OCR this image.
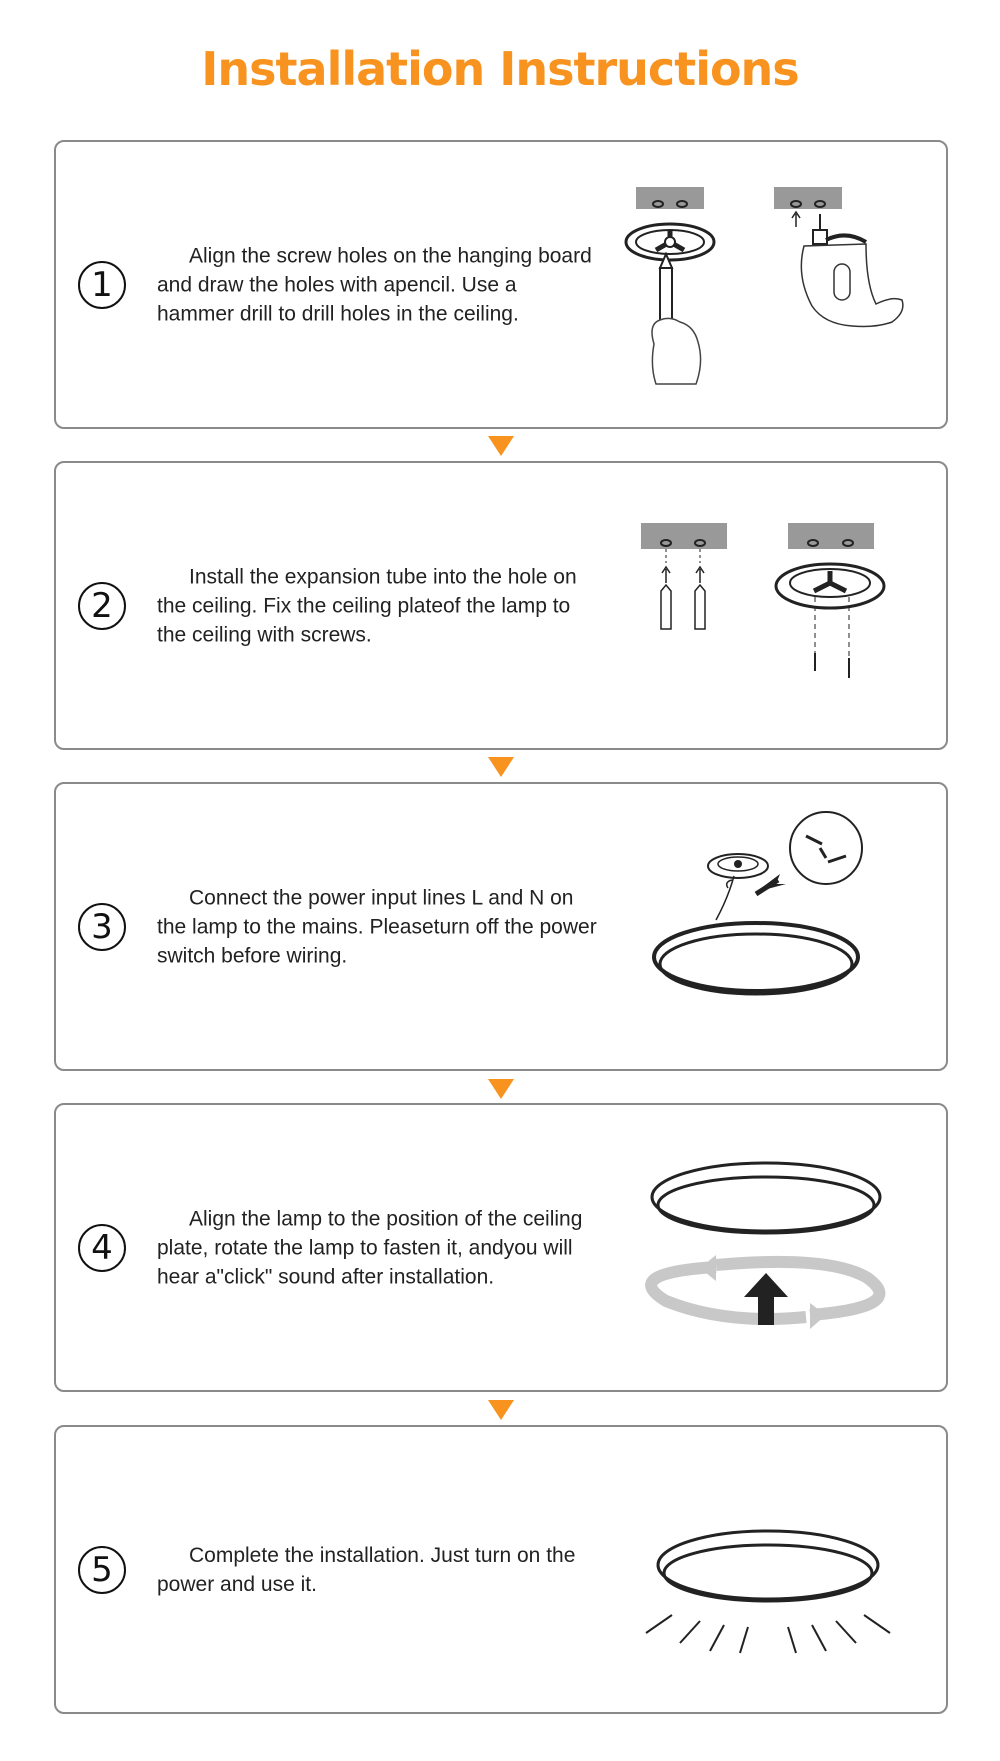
Installation Instructions
1
Align the screw holes on the hanging board and draw the holes with apencil. Use a hammer drill to drill holes in the ceiling.
2
Install the expansion tube into the hole on the ceiling. Fix the ceiling plateof the lamp to the ceiling with screws.
3
Connect the power input lines L and N on the lamp to the mains. Pleaseturn off the power switch before wiring.
4
Align the lamp to the position of the ceiling plate, rotate the lamp to fasten it, andyou will hear a"click" sound after installation.
5	Complete the installation. Just turn on the power and use it.
